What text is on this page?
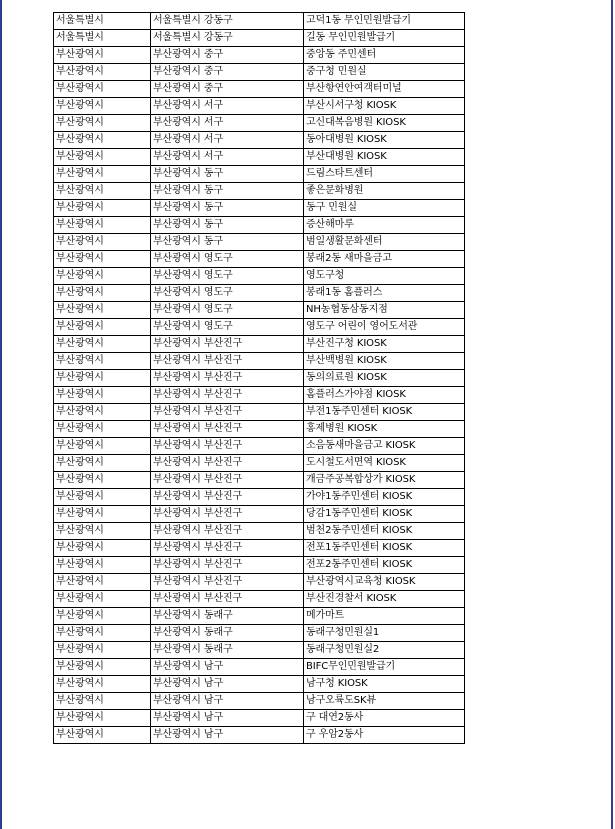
서울특별시	서울특별시 강동구	고덕1동 무인민원발급기
서울특별시	서울특별시 강동구	길동 무인민원발급기
부산광역시	부산광역시 중구	중앙동 주민센터
부산광역시	부산광역시 중구	중구청 민원실
부산광역시	부산광역시 중구	부산항연안여객터미널
부산광역시	부산광역시 서구	부산시서구청 KIOSK
부산광역시	부산광역시 서구	고신대복음병원 KIOSK
부산광역시	부산광역시 서구	동아대병원 KIOSK
부산광역시	부산광역시 서구	부산대병원 KIOSK
부산광역시	부산광역시 동구	드림스타트센터
부산광역시	부산광역시 동구	좋은문화병원
부산광역시	부산광역시 동구	동구 민원실
부산광역시	부산광역시 동구	증산해마루
부산광역시	부산광역시 동구	범일생활문화센터
부산광역시	부산광역시 영도구	봉래2동 새마을금고
부산광역시	부산광역시 영도구	영도구청
부산광역시	부산광역시 영도구	봉래1동 홈플러스
부산광역시	부산광역시 영도구	NH농협동삼동지점
부산광역시	부산광역시 영도구	영도구 어린이 영어도서관
부산광역시	부산광역시 부산진구	부산진구청 KIOSK
부산광역시	부산광역시 부산진구	부산백병원 KIOSK
부산광역시	부산광역시 부산진구	동의의료원 KIOSK
부산광역시	부산광역시 부산진구	홈플러스가야점 KIOSK
부산광역시	부산광역시 부산진구	부전1동주민센터 KIOSK
부산광역시	부산광역시 부산진구	홍제병원 KIOSK
부산광역시	부산광역시 부산진구	소음동새마을금고 KIOSK
부산광역시	부산광역시 부산진구	도시철도서면역 KIOSK
부산광역시	부산광역시 부산진구	개금주공복합상가 KIOSK
부산광역시	부산광역시 부산진구	가야1동주민센터 KIOSK
부산광역시	부산광역시 부산진구	당감1동주민센터 KIOSK
부산광역시	부산광역시 부산진구	범천2동주민센터 KIOSK
부산광역시	부산광역시 부산진구	전포1동주민센터 KIOSK
부산광역시	부산광역시 부산진구	전포2동주민센터 KIOSK
부산광역시	부산광역시 부산진구	부산광역시교육청 KIOSK
부산광역시	부산광역시 부산진구	부산진경찰서 KIOSK
부산광역시	부산광역시 동래구	메가마트
부산광역시	부산광역시 동래구	동래구청민원실1
부산광역시	부산광역시 동래구	동래구청민원실2
부산광역시	부산광역시 남구	BIFC무인민원발급기
부산광역시	부산광역시 남구	남구청 KIOSK
부산광역시	부산광역시 남구	남구오륙도SK뷰
부산광역시	부산광역시 남구	구 대연2동사
부산광역시	부산광역시 남구	구 우암2동사
